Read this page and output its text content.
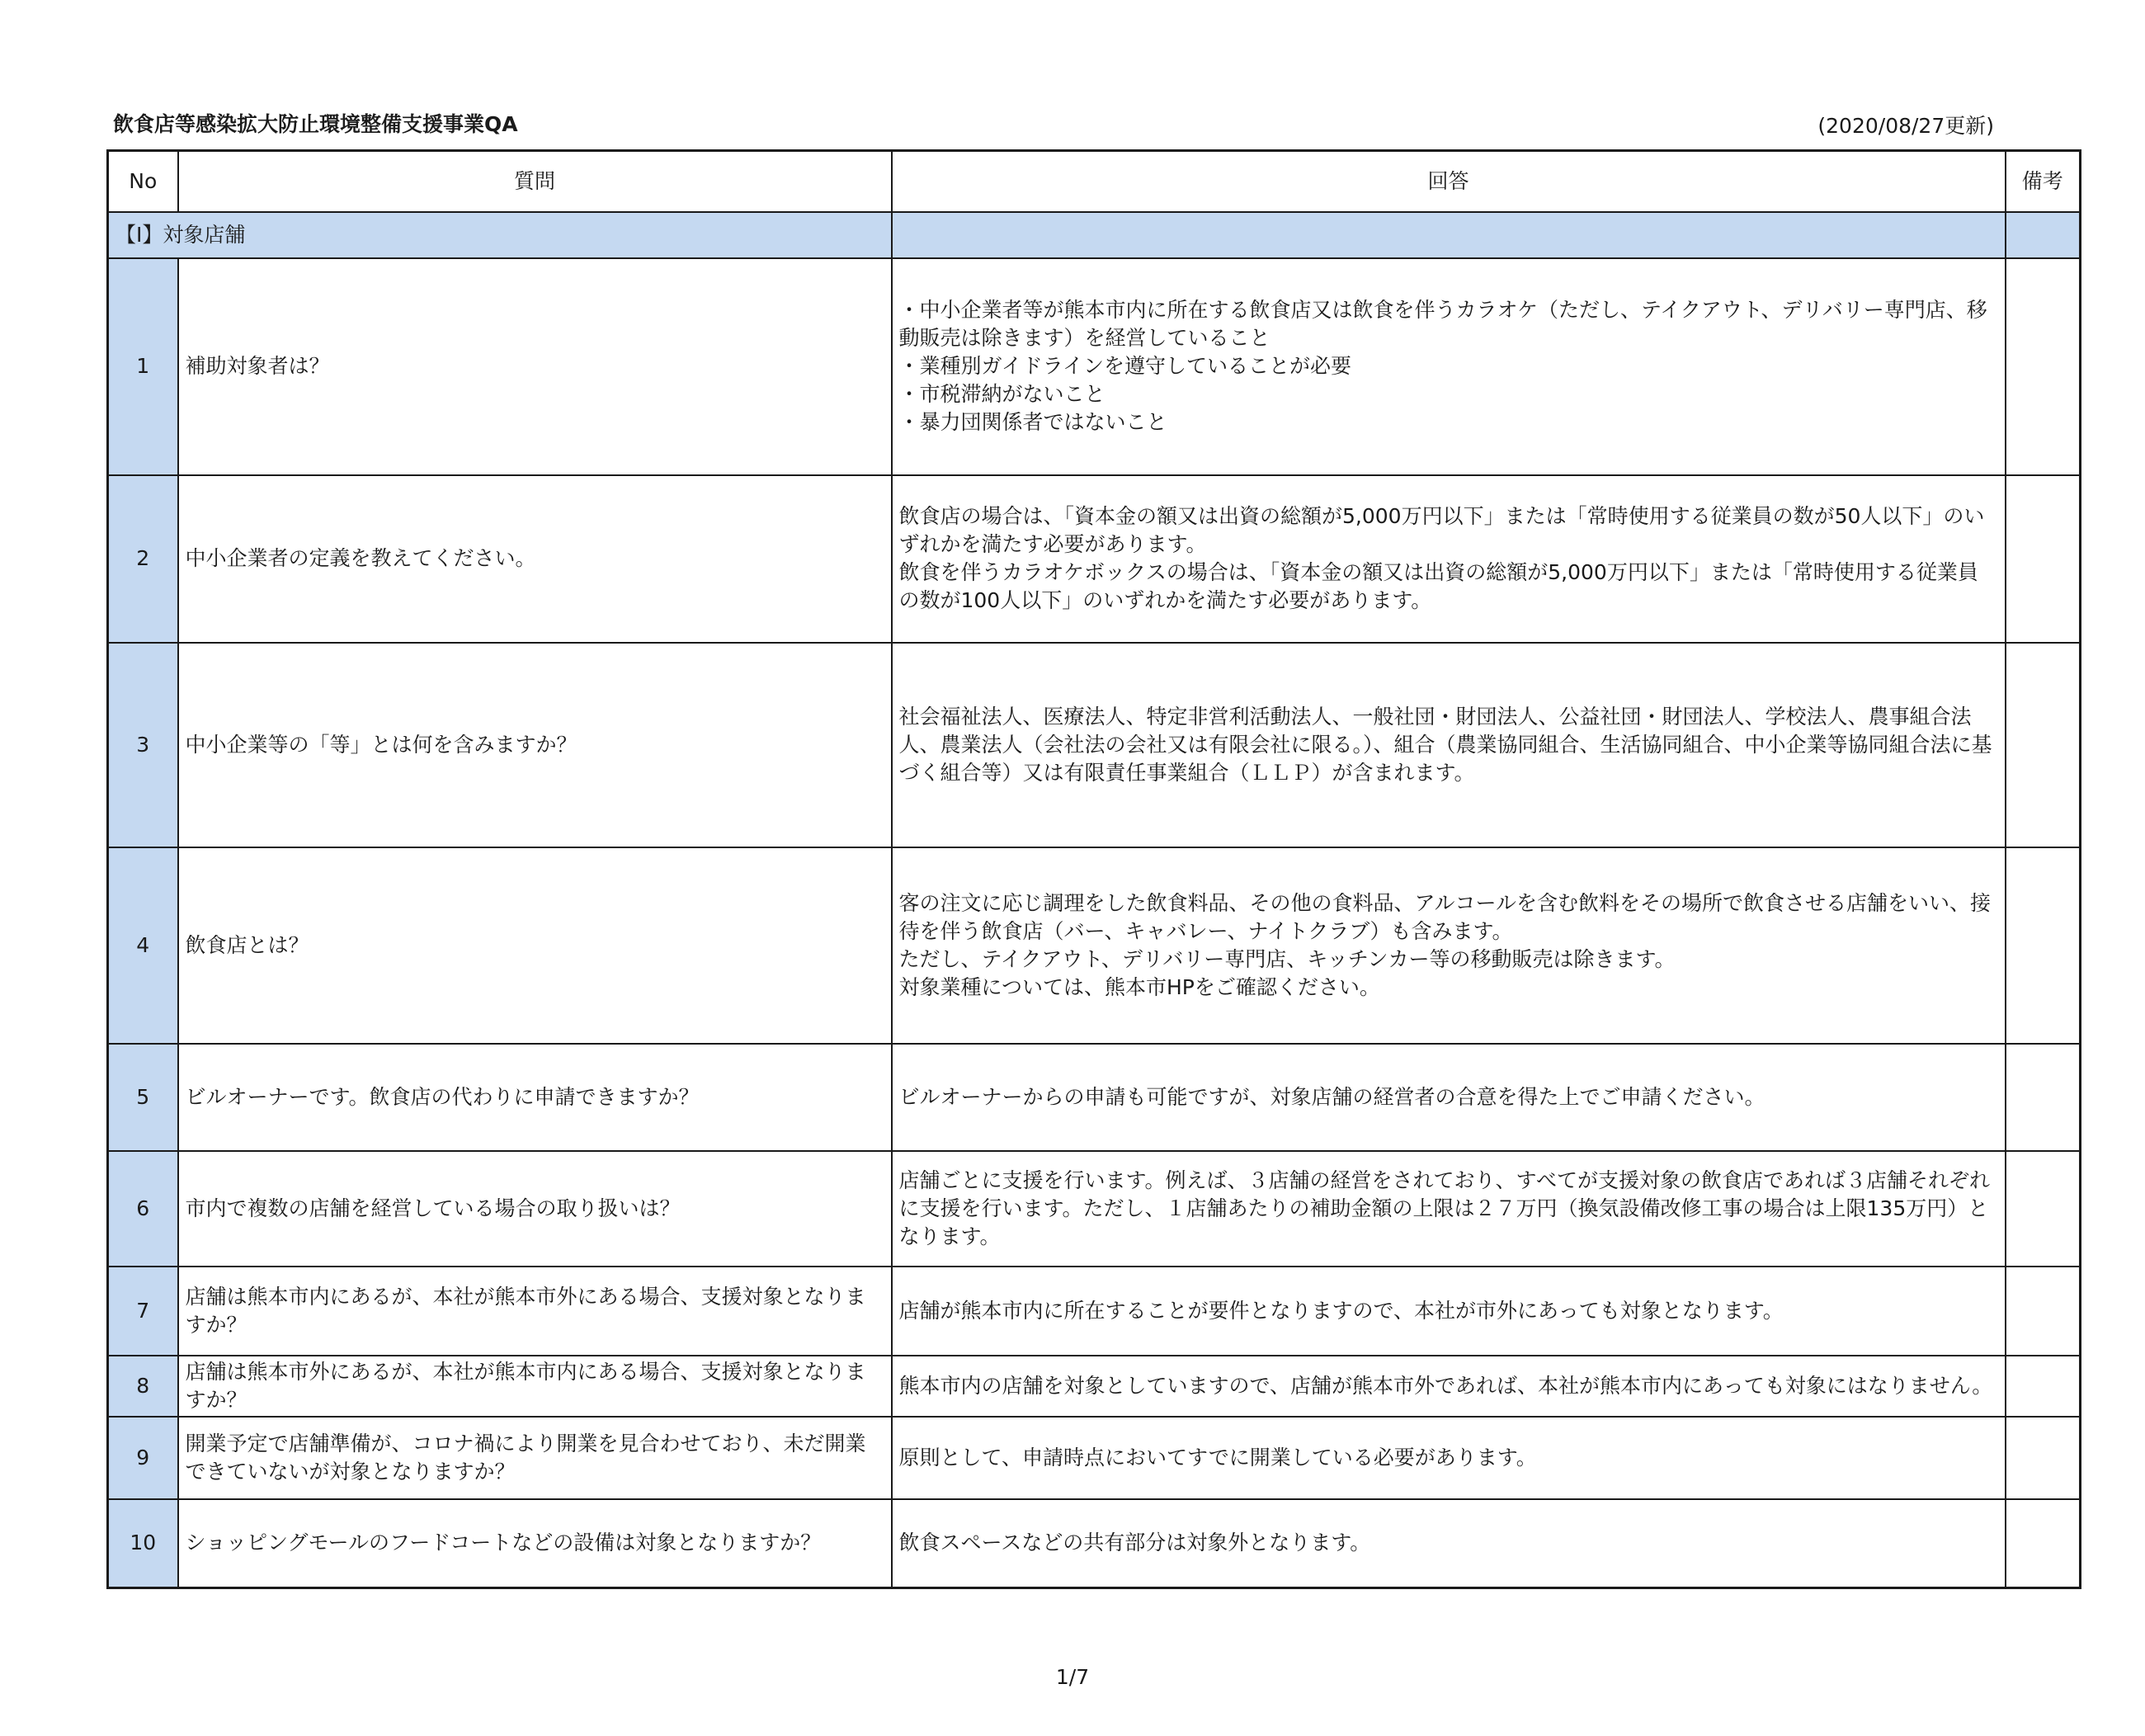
飲食店等感染拡大防止環境整備支援事業QA	(2020/08/27更新)
No	質問	回答	備考
【Ⅰ】対象店舗			
1	補助対象者は？	・中小企業者等が熊本市内に所在する飲食店又は飲食を伴うカラオケ（ただし、テイクアウト、デリバリー専門店、移動販売は除きます）を経営していること
・業種別ガイドラインを遵守していることが必要
・市税滞納がないこと
・暴力団関係者ではないこと	
2	中小企業者の定義を教えてください。	飲食店の場合は、「資本金の額又は出資の総額が5,000万円以下」または「常時使用する従業員の数が50人以下」のいずれかを満たす必要があります。
飲食を伴うカラオケボックスの場合は、「資本金の額又は出資の総額が5,000万円以下」または「常時使用する従業員の数が100人以下」のいずれかを満たす必要があります。	
3	中小企業等の「等」とは何を含みますか？	社会福祉法人、医療法人、特定非営利活動法人、一般社団・財団法人、公益社団・財団法人、学校法人、農事組合法人、農業法人（会社法の会社又は有限会社に限る。）、組合（農業協同組合、生活協同組合、中小企業等協同組合法に基づく組合等）又は有限責任事業組合（ＬＬＰ）が含まれます。	
4	飲食店とは？	客の注文に応じ調理をした飲食料品、その他の食料品、アルコールを含む飲料をその場所で飲食させる店舗をいい、接待を伴う飲食店（バー、キャバレー、ナイトクラブ）も含みます。
ただし、テイクアウト、デリバリー専門店、キッチンカー等の移動販売は除きます。
対象業種については、熊本市HPをご確認ください。	
5	ビルオーナーです。飲食店の代わりに申請できますか？	ビルオーナーからの申請も可能ですが、対象店舗の経営者の合意を得た上でご申請ください。	
6	市内で複数の店舗を経営している場合の取り扱いは？	店舗ごとに支援を行います。例えば、３店舗の経営をされており、すべてが支援対象の飲食店であれば３店舗それぞれに支援を行います。ただし、１店舗あたりの補助金額の上限は２７万円（換気設備改修工事の場合は上限135万円）となります。	
7	店舗は熊本市内にあるが、本社が熊本市外にある場合、支援対象となりますか？	店舗が熊本市内に所在することが要件となりますので、本社が市外にあっても対象となります。	
8	店舗は熊本市外にあるが、本社が熊本市内にある場合、支援対象となりますか？	熊本市内の店舗を対象としていますので、店舗が熊本市外であれば、本社が熊本市内にあっても対象にはなりません。	
9	開業予定で店舗準備が、コロナ禍により開業を見合わせており、未だ開業できていないが対象となりますか？	原則として、申請時点においてすでに開業している必要があります。	
10	ショッピングモールのフードコートなどの設備は対象となりますか？	飲食スペースなどの共有部分は対象外となります。	
1/7
